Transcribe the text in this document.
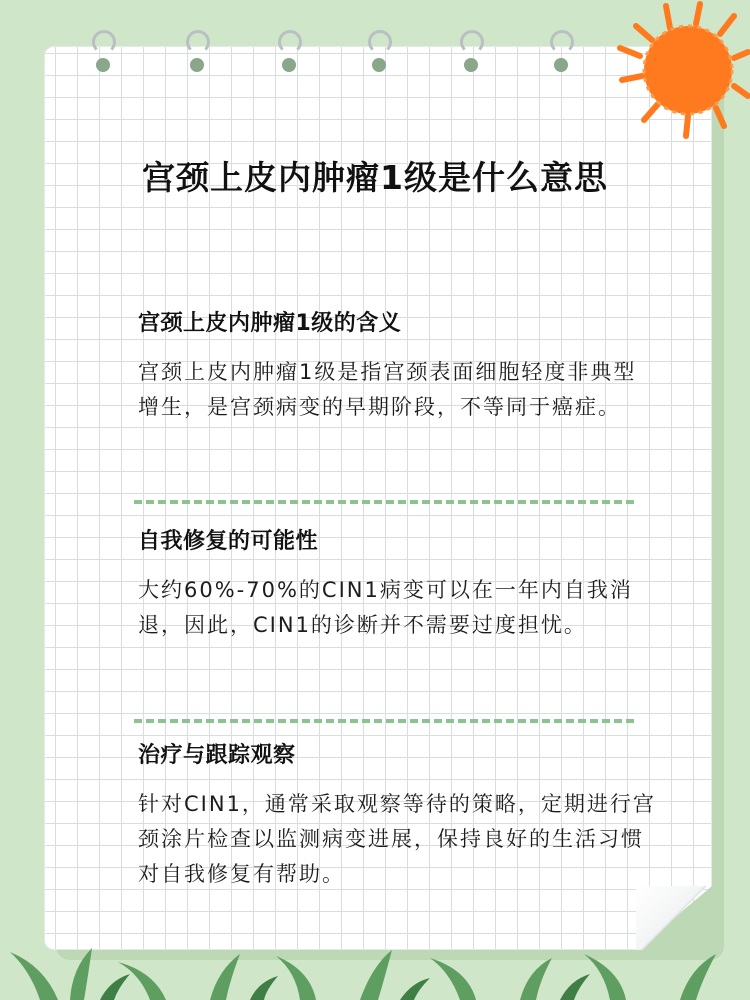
宫颈上皮内肿瘤1级是什么意思
宫颈上皮内肿瘤1级的含义
宫颈上皮内肿瘤1级是指宫颈表面细胞轻度非典型增生，是宫颈病变的早期阶段，不等同于癌症。
自我修复的可能性
大约60%-70%的CIN1病变可以在一年内自我消退，因此，CIN1的诊断并不需要过度担忧。
治疗与跟踪观察
针对CIN1，通常采取观察等待的策略，定期进行宫颈涂片检查以监测病变进展，保持良好的生活习惯对自我修复有帮助。
